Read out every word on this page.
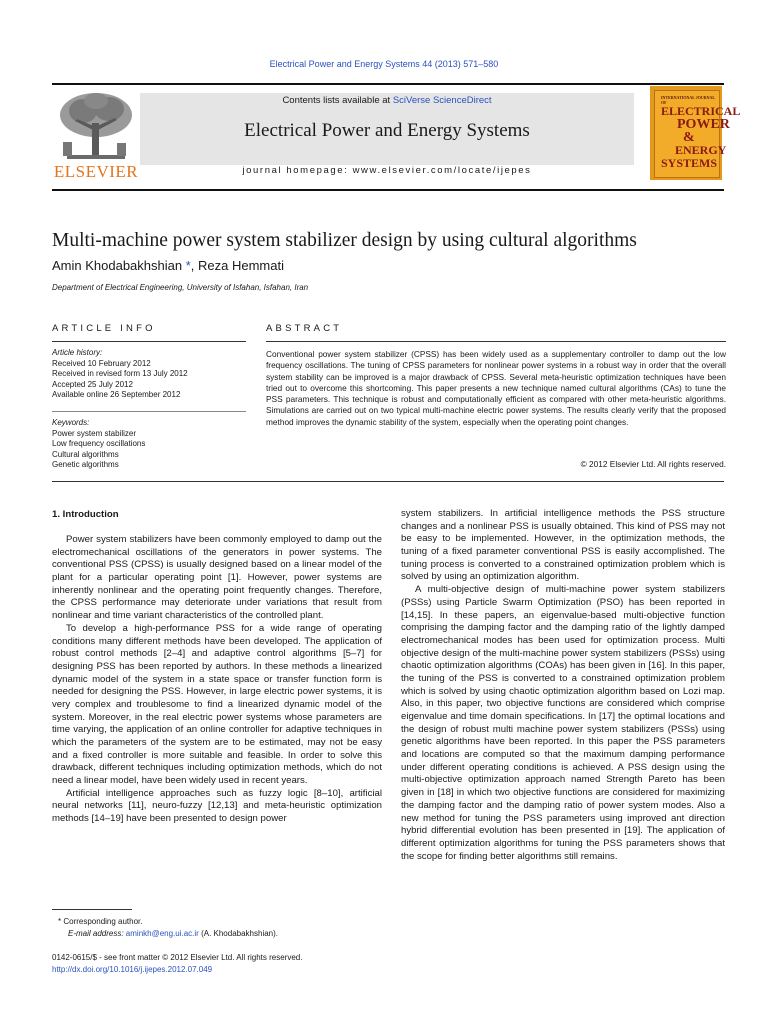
Electrical Power and Energy Systems 44 (2013) 571–580
ELSEVIER
Contents lists available at SciVerse ScienceDirect
Electrical Power and Energy Systems
journal homepage: www.elsevier.com/locate/ijepes
INTERNATIONAL JOURNAL OF
ELECTRICAL
POWER
&
ENERGY
SYSTEMS
Multi-machine power system stabilizer design by using cultural algorithms
Amin Khodabakhshian *, Reza Hemmati
Department of Electrical Engineering, University of Isfahan, Isfahan, Iran
ARTICLE INFO
Article history:
Received 10 February 2012
Received in revised form 13 July 2012
Accepted 25 July 2012
Available online 26 September 2012
Keywords:
Power system stabilizer
Low frequency oscillations
Cultural algorithms
Genetic algorithms
ABSTRACT
Conventional power system stabilizer (CPSS) has been widely used as a supplementary controller to damp out the low frequency oscillations. The tuning of CPSS parameters for nonlinear power systems in a robust way in order that the overall system stability can be improved is a major drawback of CPSS. Several meta-heuristic optimization techniques have been tried out to overcome this shortcoming. This paper presents a new technique named cultural algorithms (CAs) to tune the PSS parameters. This technique is robust and computationally efficient as compared with other meta-heuristic algorithms. Simulations are carried out on two typical multi-machine electric power systems. The results clearly verify that the proposed method improves the dynamic stability of the system, especially when the operating point changes.
© 2012 Elsevier Ltd. All rights reserved.
1. Introduction

Power system stabilizers have been commonly employed to damp out the electromechanical oscillations of the generators in power systems. The conventional PSS (CPSS) is usually designed based on a linear model of the plant for a particular operating point [1]. However, power systems are inherently nonlinear and the operating point frequently changes. Therefore, the CPSS performance may deteriorate under variations that result from nonlinear and time variant characteristics of the controlled plant.

To develop a high-performance PSS for a wide range of operating conditions many different methods have been developed. The application of robust control methods [2–4] and adaptive control algorithms [5–7] for designing PSS has been reported by authors. In these methods a linearized dynamic model of the system in a state space or transfer function form is needed for designing the PSS. However, in large electric power systems, it is very complex and troublesome to find a linearized dynamic model of the system. Moreover, in the real electric power systems whose parameters are time varying, the application of an online controller for adaptive techniques in which the parameters of the system are to be estimated, may not be easy and a fixed controller is more suitable and feasible. In order to solve this drawback, different techniques including optimization methods, which do not need a linear model, have been widely used in recent years.

Artificial intelligence approaches such as fuzzy logic [8–10], artificial neural networks [11], neuro-fuzzy [12,13] and meta-heuristic optimization methods [14–19] have been presented to design power

system stabilizers. In artificial intelligence methods the PSS structure changes and a nonlinear PSS is usually obtained. This kind of PSS may not be easy to be implemented. However, in the optimization methods, the tuning of a fixed parameter conventional PSS is easily accomplished. The tuning process is converted to a constrained optimization problem which is solved by using an optimization algorithm.

A multi-objective design of multi-machine power system stabilizers (PSSs) using Particle Swarm Optimization (PSO) has been reported in [14,15]. In these papers, an eigenvalue-based multi-objective function comprising the damping factor and the damping ratio of the lightly damped electromechanical modes has been used for optimization process. Multi objective design of the multi-machine power system stabilizers (PSSs) using chaotic optimization algorithms (COAs) has been given in [16]. In this paper, the tuning of the PSS is converted to a constrained optimization problem which is solved by using chaotic optimization algorithm based on Lozi map. Also, in this paper, two objective functions are considered which comprise eigenvalue and time domain specifications. In [17] the optimal locations and the design of robust multi machine power system stabilizers (PSSs) using genetic algorithms have been reported. In this paper the PSS parameters and locations are computed so that the maximum damping performance under different operating conditions is achieved. A PSS design using the multi-objective optimization approach named Strength Pareto has been given in [18] in which two objective functions are considered for maximizing the damping factor and the damping ratio of power system modes. Also a new method for tuning the PSS parameters using improved ant direction hybrid differential evolution has been presented in [19]. The application of different optimization algorithms for tuning the PSS parameters shows that the scope for finding better algorithms still remains.

* Corresponding author.
E-mail address: aminkh@eng.ui.ac.ir (A. Khodabakhshian).
0142-0615/$ - see front matter © 2012 Elsevier Ltd. All rights reserved.
http://dx.doi.org/10.1016/j.ijepes.2012.07.049
